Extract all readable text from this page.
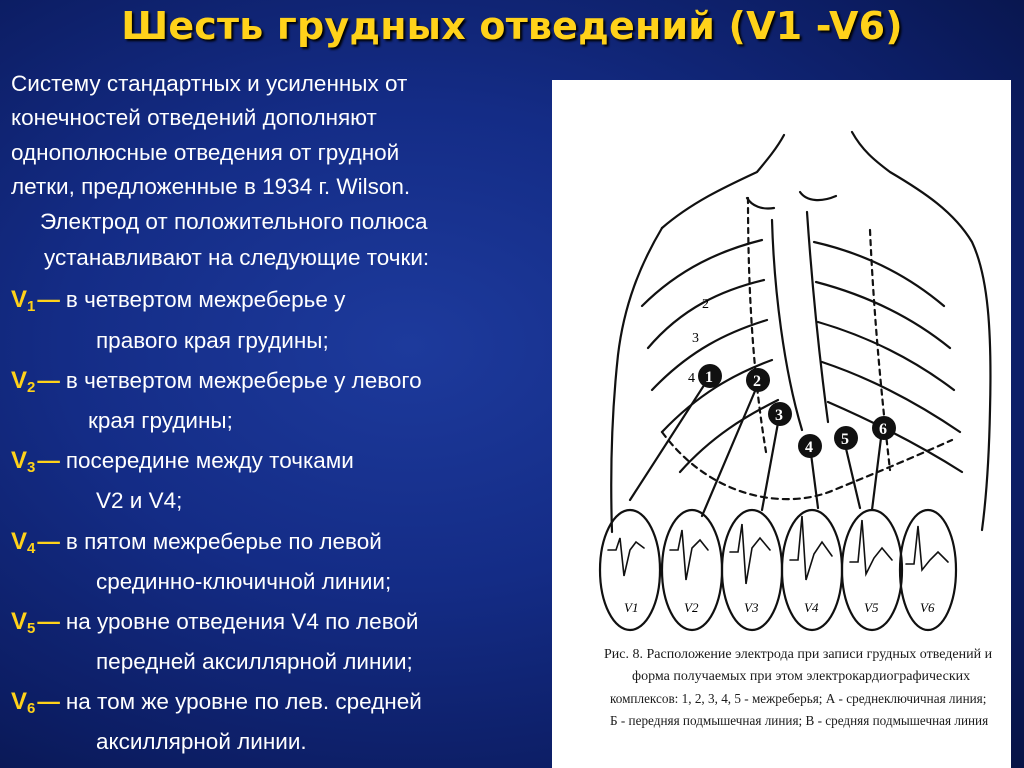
Шесть грудных отведений (V1 -V6)
Систему стандартных и усиленных от
конечностей отведений дополняют
однополюсные отведения от грудной
летки, предложенные в 1934 г. Wilson.
Электрод от положительного полюса
устанавливают на следующие точки:
$V_1—$ в четвертом межреберье у
правого края грудины;
$V_2—$ в четвертом межреберье у левого
края грудины;
$V_3—$ посередине между точками
V2 и V4;
$V_4—$ в пятом межреберье по левой
срединно-ключичной линии;
$V_5—$ на уровне отведения V4 по левой
передней аксиллярной линии;
$V_6—$ на том же уровне по лев. средней
аксиллярной линии.
2
3
4 1	2
3
4 5
6
V1	V2	V3	V4	V5	V6
Рис. 8. Расположение электрода при записи грудных отведений и
форма получаемых при этом электрокардиографических
комплексов: 1, 2, 3, 4, 5 - межреберья; А - среднеключичная линия;
Б - передняя подмышечная линия; В - средняя подмышечная линия
